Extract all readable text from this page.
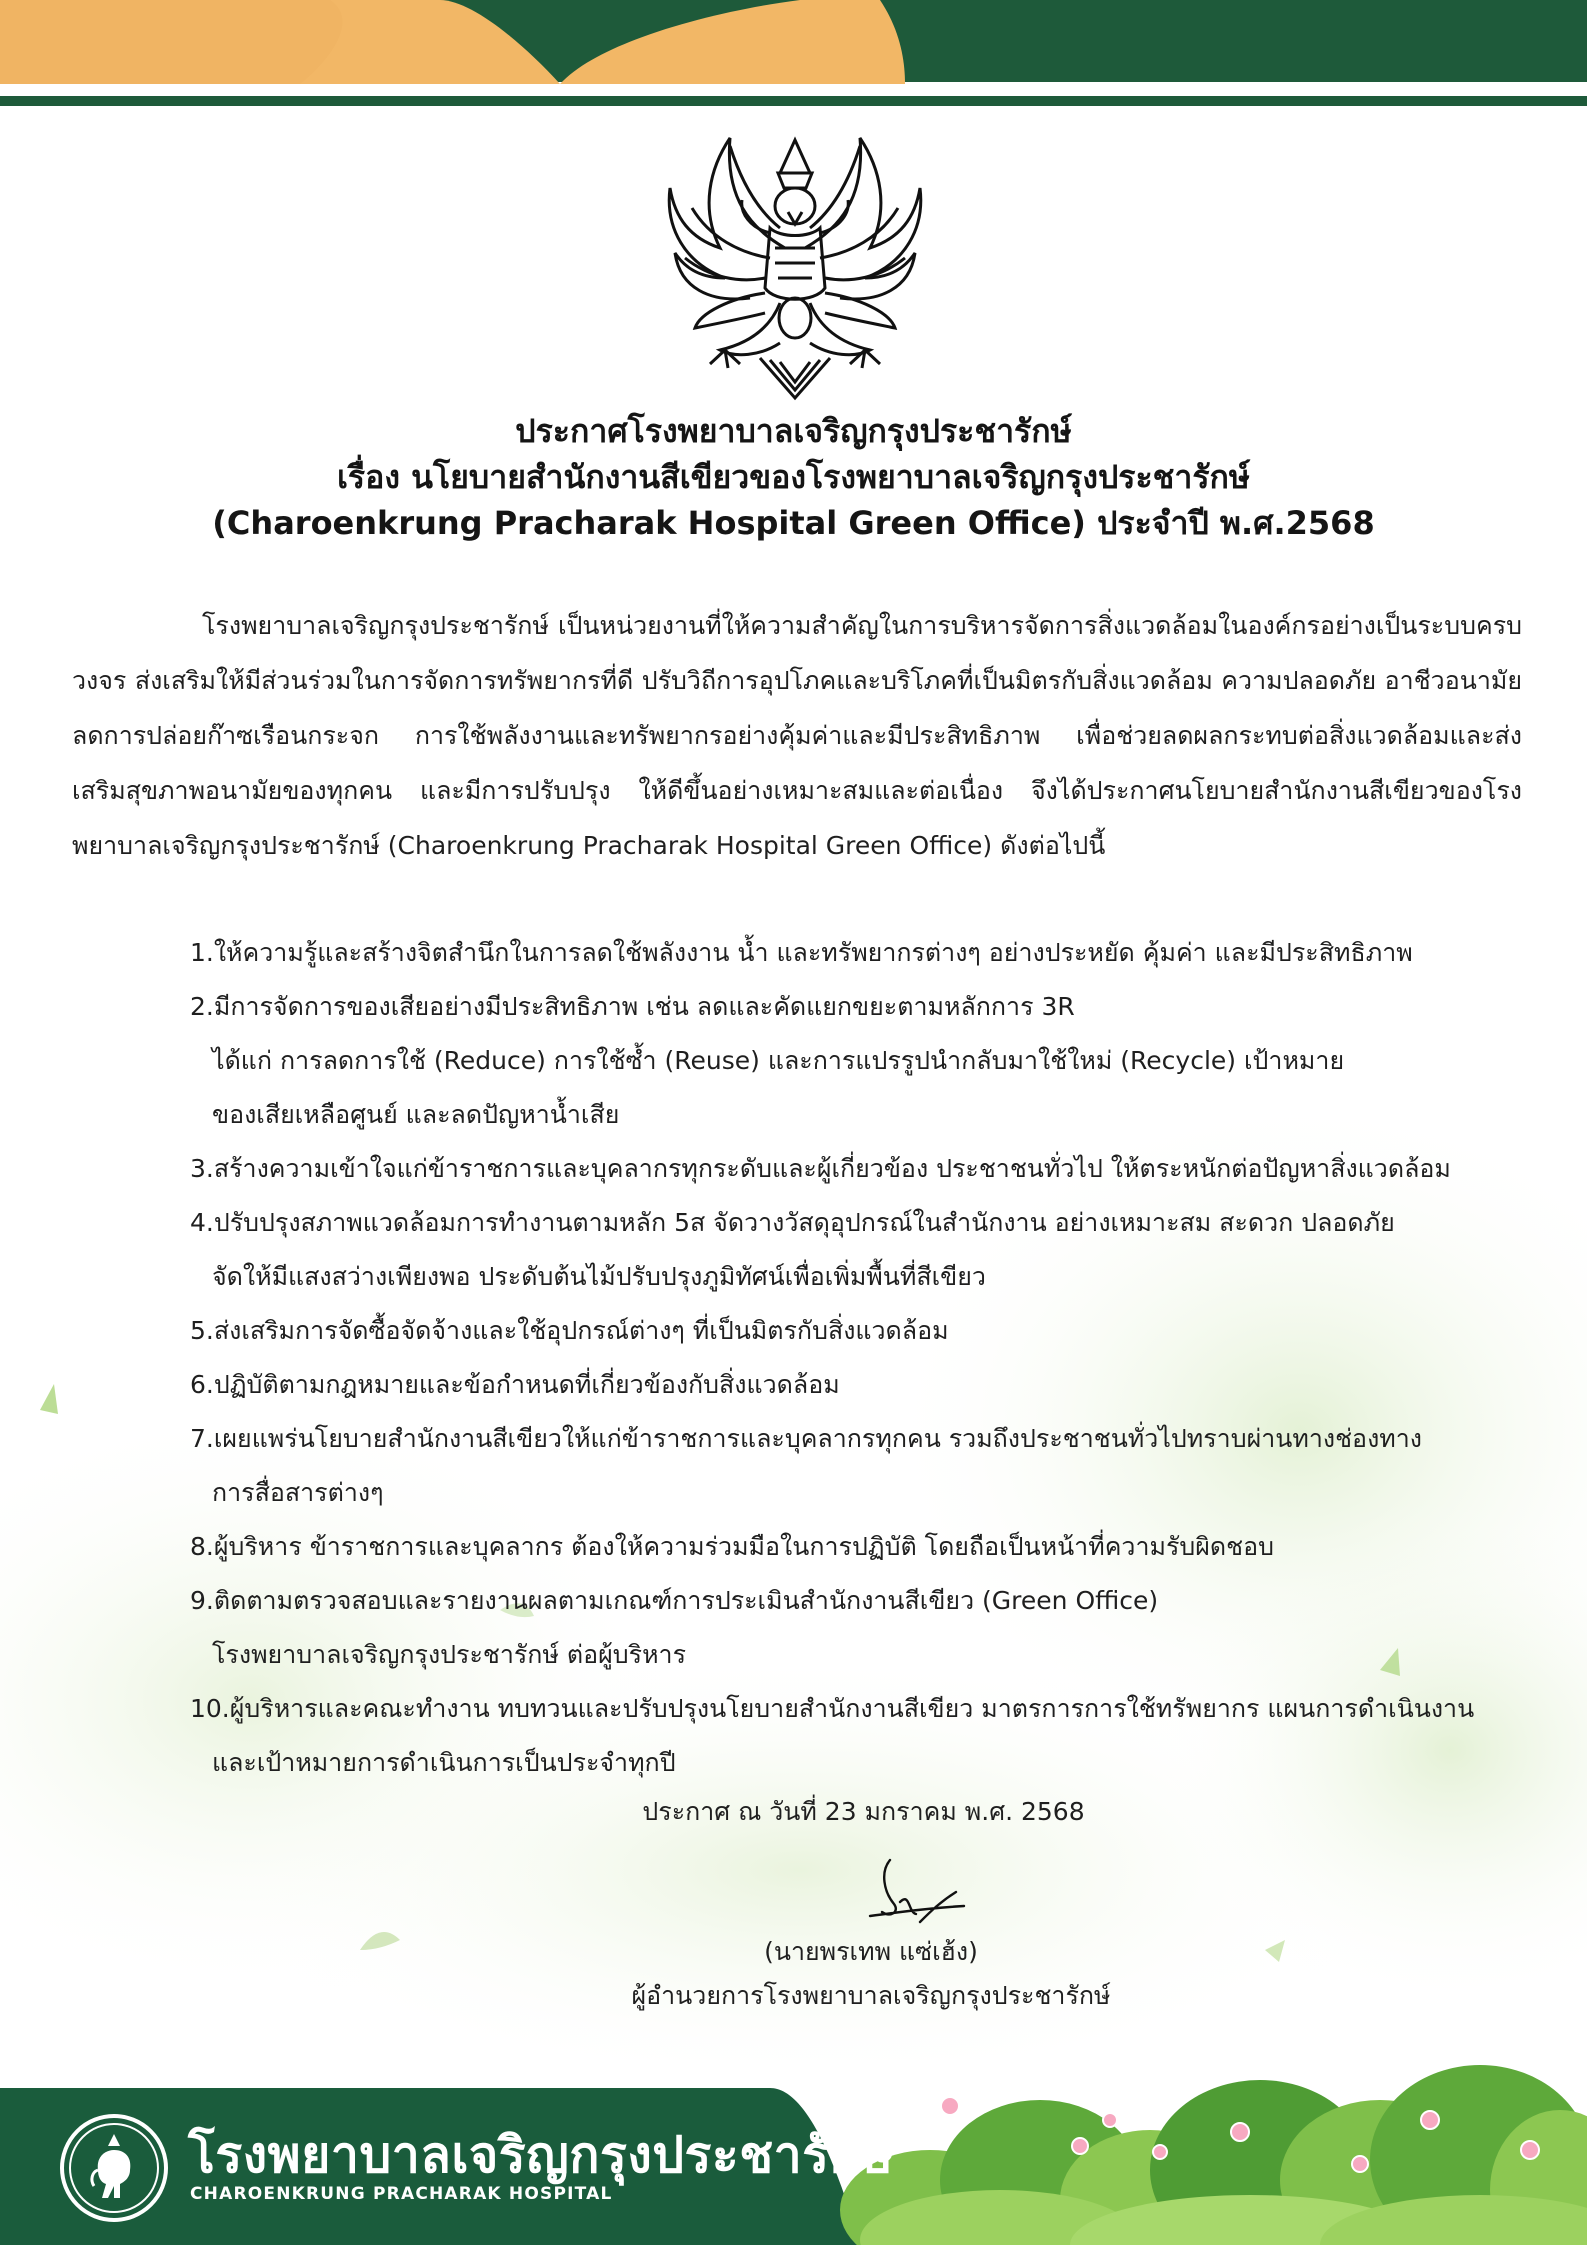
ประกาศโรงพยาบาลเจริญกรุงประชารักษ์
เรื่อง นโยบายสำนักงานสีเขียวของโรงพยาบาลเจริญกรุงประชารักษ์
(Charoenkrung Pracharak Hospital Green Office) ประจำปี พ.ศ.2568

โรงพยาบาลเจริญกรุงประชารักษ์ เป็นหน่วยงานที่ให้ความสำคัญในการบริหารจัดการสิ่งแวดล้อมในองค์กรอย่างเป็นระบบครบวงจร ส่งเสริมให้มีส่วนร่วมในการจัดการทรัพยากรที่ดี ปรับวิถีการอุปโภคและบริโภคที่เป็นมิตรกับสิ่งแวดล้อม ความปลอดภัย อาชีวอนามัย ลดการปล่อยก๊าซเรือนกระจก การใช้พลังงานและทรัพยากรอย่างคุ้มค่าและมีประสิทธิภาพ เพื่อช่วยลดผลกระทบต่อสิ่งแวดล้อมและส่งเสริมสุขภาพอนามัยของทุกคน และมีการปรับปรุง ให้ดีขึ้นอย่างเหมาะสมและต่อเนื่อง จึงได้ประกาศนโยบายสำนักงานสีเขียวของโรงพยาบาลเจริญกรุงประชารักษ์ (Charoenkrung Pracharak Hospital Green Office) ดังต่อไปนี้

1.ให้ความรู้และสร้างจิตสำนึกในการลดใช้พลังงาน น้ำ และทรัพยากรต่างๆ อย่างประหยัด คุ้มค่า และมีประสิทธิภาพ
2.มีการจัดการของเสียอย่างมีประสิทธิภาพ เช่น ลดและคัดแยกขยะตามหลักการ 3R
ได้แก่ การลดการใช้ (Reduce) การใช้ซ้ำ (Reuse) และการแปรรูปนำกลับมาใช้ใหม่ (Recycle) เป้าหมาย
ของเสียเหลือศูนย์ และลดปัญหาน้ำเสีย
3.สร้างความเข้าใจแก่ข้าราชการและบุคลากรทุกระดับและผู้เกี่ยวข้อง ประชาชนทั่วไป ให้ตระหนักต่อปัญหาสิ่งแวดล้อม
4.ปรับปรุงสภาพแวดล้อมการทำงานตามหลัก 5ส จัดวางวัสดุอุปกรณ์ในสำนักงาน อย่างเหมาะสม สะดวก ปลอดภัย
จัดให้มีแสงสว่างเพียงพอ ประดับต้นไม้ปรับปรุงภูมิทัศน์เพื่อเพิ่มพื้นที่สีเขียว
5.ส่งเสริมการจัดซื้อจัดจ้างและใช้อุปกรณ์ต่างๆ ที่เป็นมิตรกับสิ่งแวดล้อม
6.ปฏิบัติตามกฎหมายและข้อกำหนดที่เกี่ยวข้องกับสิ่งแวดล้อม
7.เผยแพร่นโยบายสำนักงานสีเขียวให้แก่ข้าราชการและบุคลากรทุกคน รวมถึงประชาชนทั่วไปทราบผ่านทางช่องทาง
การสื่อสารต่างๆ
8.ผู้บริหาร ข้าราชการและบุคลากร ต้องให้ความร่วมมือในการปฏิบัติ โดยถือเป็นหน้าที่ความรับผิดชอบ
9.ติดตามตรวจสอบและรายงานผลตามเกณฑ์การประเมินสำนักงานสีเขียว (Green Office)
โรงพยาบาลเจริญกรุงประชารักษ์ ต่อผู้บริหาร
10.ผู้บริหารและคณะทำงาน ทบทวนและปรับปรุงนโยบายสำนักงานสีเขียว มาตรการการใช้ทรัพยากร แผนการดำเนินงาน
และเป้าหมายการดำเนินการเป็นประจำทุกปี
ประกาศ ณ วันที่ 23 มกราคม พ.ศ. 2568
(นายพรเทพ แซ่เฮ้ง)
ผู้อำนวยการโรงพยาบาลเจริญกรุงประชารักษ์
โรงพยาบาลเจริญกรุงประชารักษ์
CHAROENKRUNG PRACHARAK HOSPITAL
